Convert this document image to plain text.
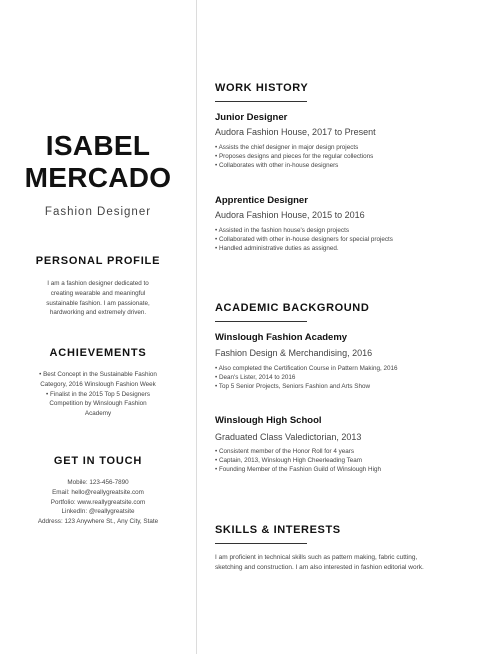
ISABEL
MERCADO
Fashion Designer
PERSONAL PROFILE
I am a fashion designer dedicated to
creating wearable and meaningful
sustainable fashion. I am passionate,
hardworking and extremely driven.
ACHIEVEMENTS
• Best Concept in the Sustainable Fashion
Category, 2016 Winslough Fashion Week
• Finalist in the 2015 Top 5 Designers
Competition by Winslough Fashion
Academy
GET IN TOUCH
Mobile: 123-456-7890
Email: hello@reallygreatsite.com
Portfolio: www.reallygreatsite.com
LinkedIn: @reallygreatsite
Address: 123 Anywhere St., Any City, State
WORK HISTORY
Junior Designer
Audora Fashion House, 2017 to Present
• Assists the chief designer in major design projects
• Proposes designs and pieces for the regular collections
• Collaborates with other in-house designers
Apprentice Designer
Audora Fashion House, 2015 to 2016
• Assisted in the fashion house's design projects
• Collaborated with other in-house designers for special projects
• Handled administrative duties as assigned.
ACADEMIC BACKGROUND
Winslough Fashion Academy
Fashion Design & Merchandising, 2016
• Also completed the Certification Course in Pattern Making, 2016
• Dean's Lister, 2014 to 2016
• Top 5 Senior Projects, Seniors Fashion and Arts Show
Winslough High School
Graduated Class Valedictorian, 2013
• Consistent member of the Honor Roll for 4 years
• Captain, 2013, Winslough High Cheerleading Team
• Founding Member of the Fashion Guild of Winslough High
SKILLS & INTERESTS
I am proficient in technical skills such as pattern making, fabric cutting,
sketching and construction. I am also interested in fashion editorial work.
